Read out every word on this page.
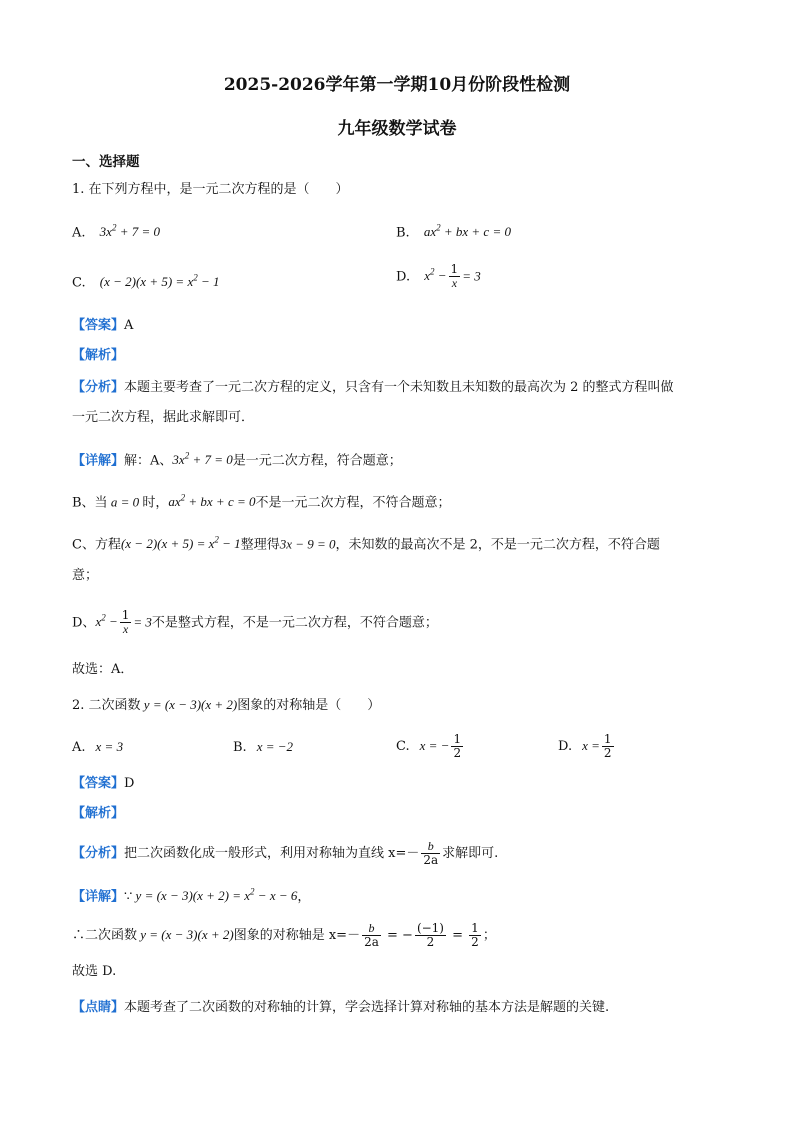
2025-2026学年第一学期10月份阶段性检测
九年级数学试卷
一、选择题
1. 在下列方程中，是一元二次方程的是（　　）
A. $3x^2 + 7 = 0$	B. $ax^2$ + bx + c = 0
C. $(x - 2)(x + 5) = x^2 - 1$	D. $x^2 - \frac{1}{x} = 3$
【答案】A
【解析】
【分析】本题主要考查了一元二次方程的定义，只含有一个未知数且未知数的最高次为 2 的整式方程叫做
一元二次方程，据此求解即可．
【详解】解：A、$3x^2 + 7 = 0$是一元二次方程，符合题意；
B、当 a = 0 时，$ax^2$ + bx + c = 0不是一元二次方程，不符合题意；
C、方程$(x - 2)(x + 5) = x^2 - 1$整理得3x − 9 = 0，未知数的最高次不是 2，不是一元二次方程，不符合题
意；
D、$x^2 - \frac{1}{x} = 3$不是整式方程，不是一元二次方程，不符合题意；
故选：A．
2. 二次函数 y = (x − 3)(x + 2)图象的对称轴是（　　）
A. x = 3	B. x = −2	C. x = − $\frac{1}{2}$	D. $x = \frac{1}{2}$
【答案】D
【解析】
【分析】把二次函数化成一般形式，利用对称轴为直线 $x=- \frac{b}{2a}$ 求解即可.
【详解】∵ $y = (x - 3)(x + 2) = x^2 - x - 6$，
∴二次函数 y = (x − 3)(x + 2)图象的对称轴是 $x=- \frac{b}{2a}$ = − $\frac{(-1)}{2} = \frac{1}{2}$ ；
故选 D.
【点睛】本题考查了二次函数的对称轴的计算，学会选择计算对称轴的基本方法是解题的关键.
